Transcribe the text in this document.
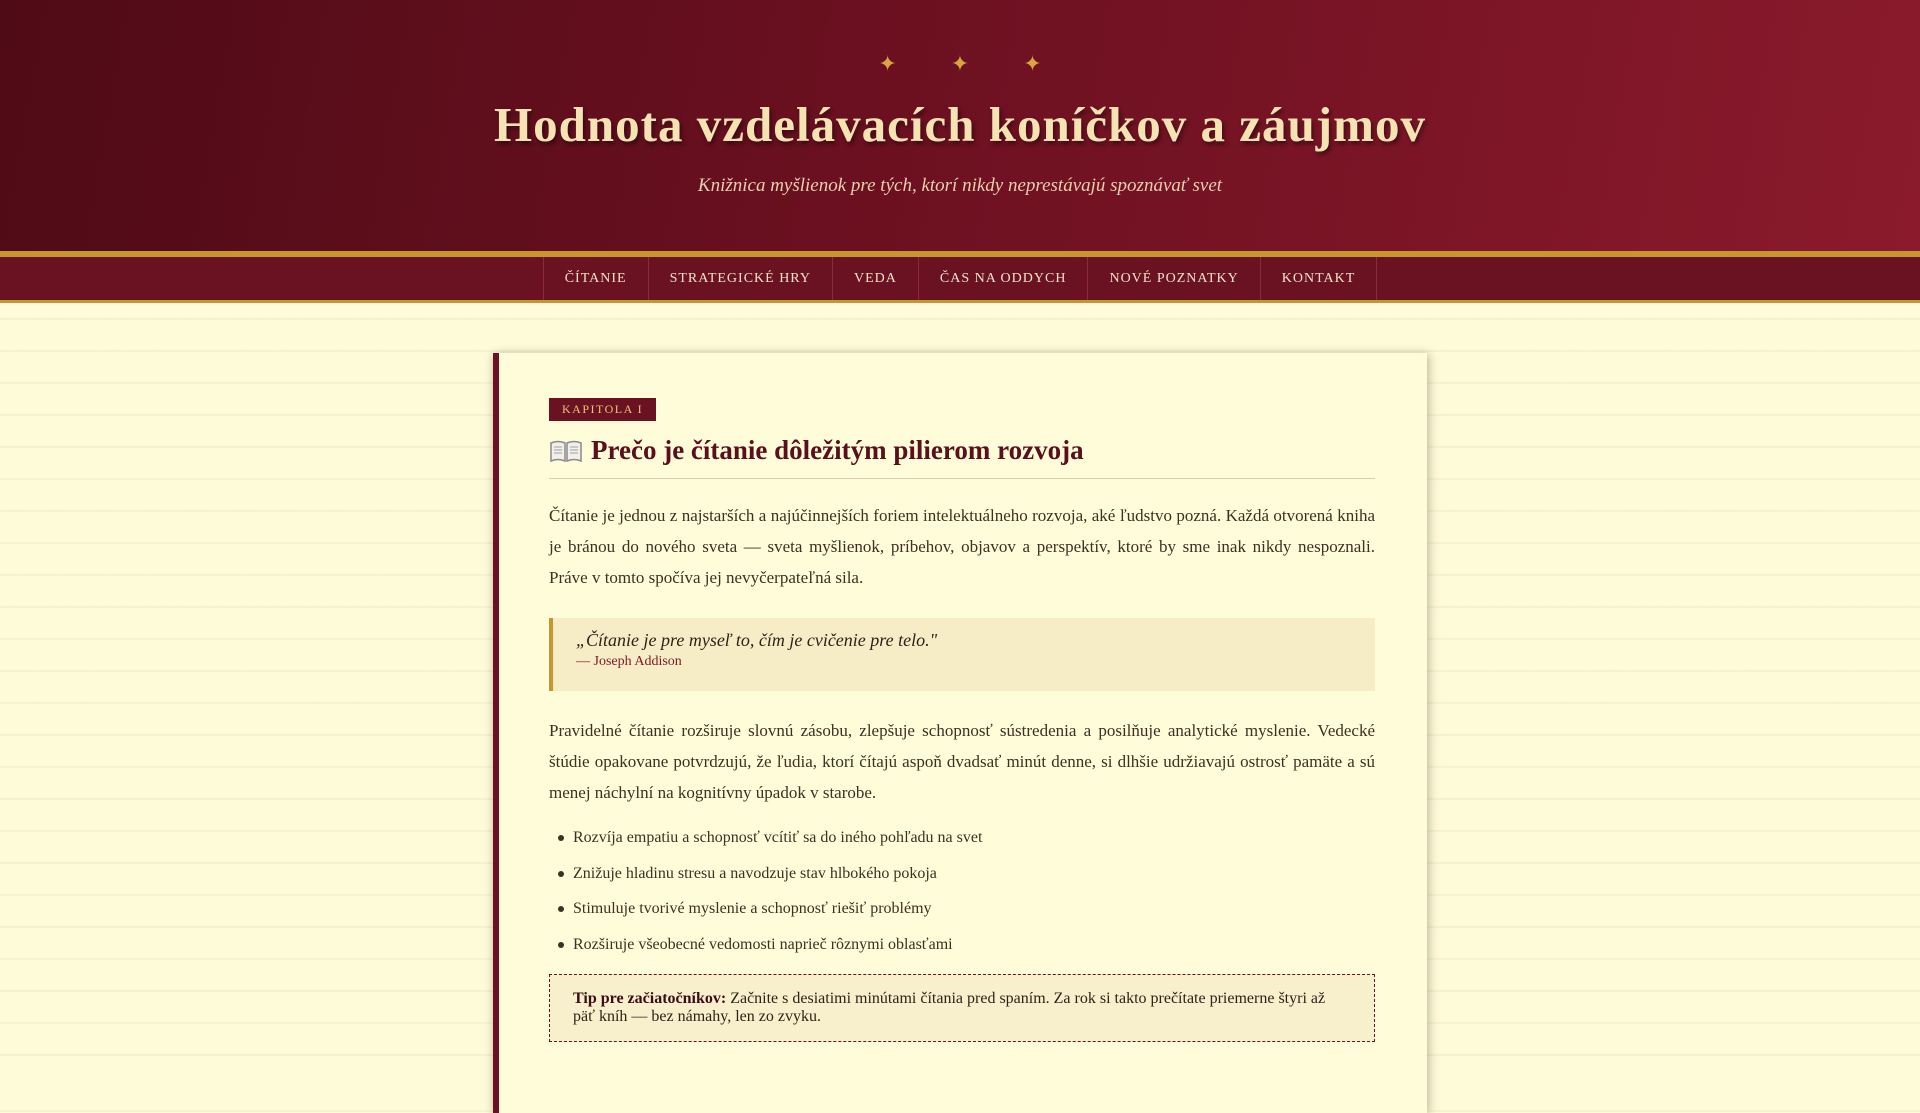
✦ ✦ ✦
Hodnota vzdelávacích koníčkov a záujmov

Knižnica myšlienok pre tých, ktorí nikdy neprestávajú spoznávať svet

ČÍTANIE	STRATEGICKÉ HRY	VEDA	ČAS NA ODDYCH	NOVÉ POZNATKY	KONTAKT
KAPITOLA I
Prečo je čítanie dôležitým pilierom rozvoja

Čítanie je jednou z najstarších a najúčinnejších foriem intelektuálneho rozvoja, aké ľudstvo pozná. Každá otvorená kniha je bránou do nového sveta — sveta myšlienok, príbehov, objavov a perspektív, ktoré by sme inak nikdy nespoznali. Práve v tomto spočíva jej nevyčerpateľná sila.

„Čítanie je pre myseľ to, čím je cvičenie pre telo."
— Joseph Addison

Pravidelné čítanie rozširuje slovnú zásobu, zlepšuje schopnosť sústredenia a posilňuje analytické myslenie. Vedecké štúdie opakovane potvrdzujú, že ľudia, ktorí čítajú aspoň dvadsať minút denne, si dlhšie udržiavajú ostrosť pamäte a sú menej náchylní na kognitívny úpadok v starobe.

Rozvíja empatiu a schopnosť vcítiť sa do iného pohľadu na svet
Znižuje hladinu stresu a navodzuje stav hlbokého pokoja
Stimuluje tvorivé myslenie a schopnosť riešiť problémy
Rozširuje všeobecné vedomosti naprieč rôznymi oblasťami
Tip pre začiatočníkov: Začnite s desiatimi minútami čítania pred spaním. Za rok si takto prečítate priemerne štyri až päť kníh — bez námahy, len zo zvyku.
